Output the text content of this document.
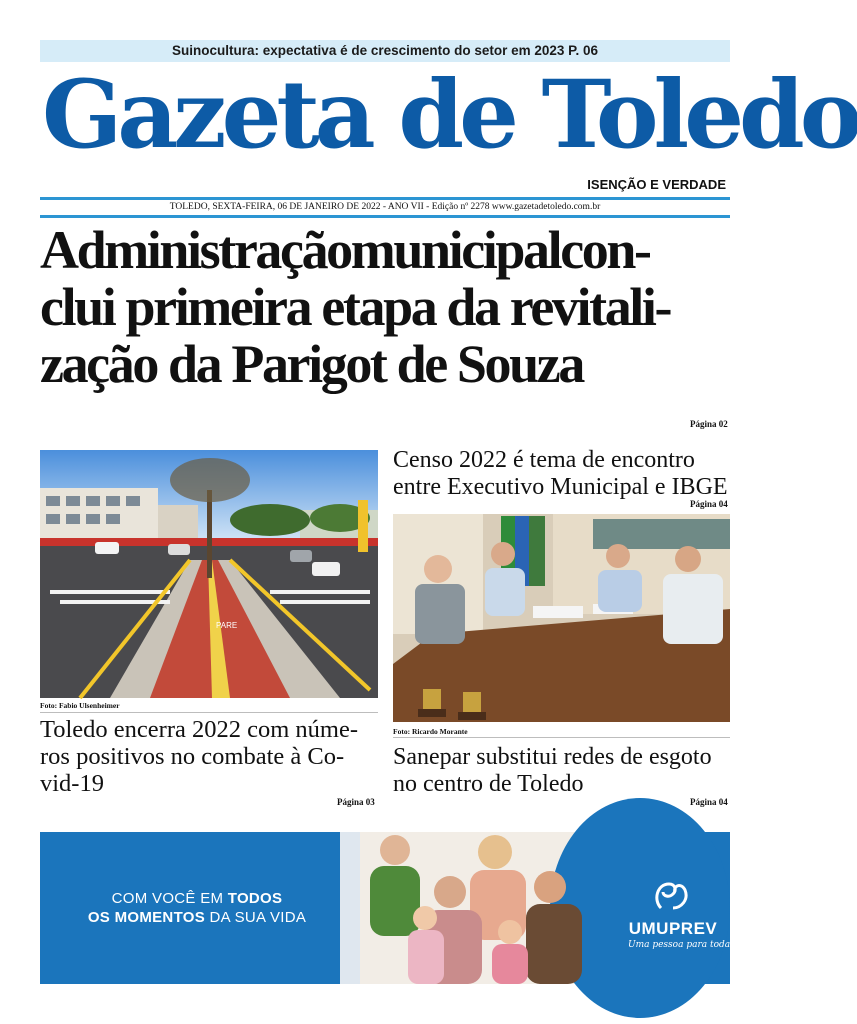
Suinocultura: expectativa é de crescimento do setor em 2023 P. 06
Gazeta de Toledo
ISENÇÃO E VERDADE
TOLEDO, SEXTA-FEIRA, 06 DE JANEIRO DE 2022 - ANO VII - Edição nº 2278 www.gazetadetoledo.com.br
Administraçãomunicipalcon-
clui primeira etapa da revitali-
zação da Parigot de Souza
Página 02
PARE
Foto: Fabio Ulsenheimer
Toledo encerra 2022 com núme-
ros positivos no combate à Co-
vid-19
Página 03
Censo 2022 é tema de encontro
entre Executivo Municipal e IBGE
Página 04
Foto: Ricardo Morante
Sanepar substitui redes de esgoto
no centro de Toledo
Página 04
COM VOCÊ EM TODOS
OS MOMENTOS DA SUA VIDA
UMUPREV
Uma pessoa para toda vida
